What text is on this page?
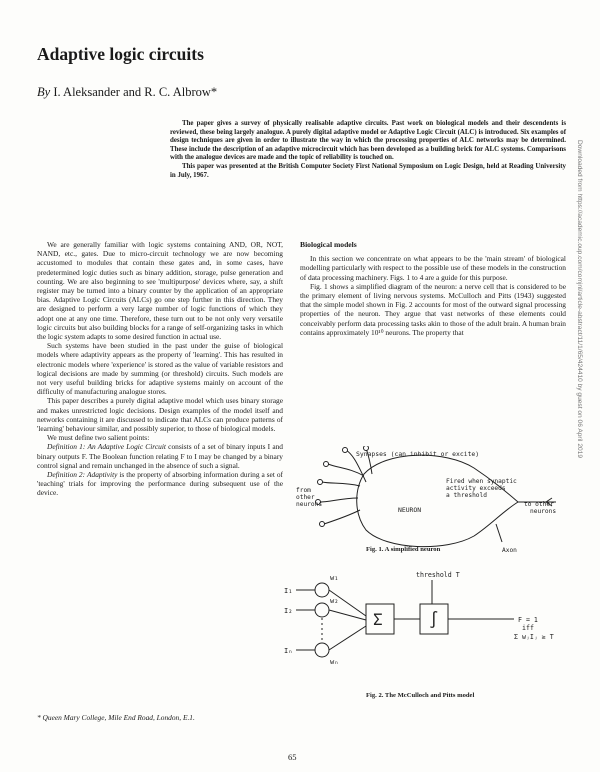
Adaptive logic circuits
By I. Aleksander and R. C. Albrow*

The paper gives a survey of physically realisable adaptive circuits. Past work on biological models and their descendents is reviewed, these being largely analogue. A purely digital adaptive model or Adaptive Logic Circuit (ALC) is introduced. Six examples of design techniques are given in order to illustrate the way in which the processing properties of ALC networks may be determined. These include the description of an adaptive microcircuit which has been developed as a building brick for ALC systems. Comparisons with the analogue devices are made and the topic of reliability is touched on.

This paper was presented at the British Computer Society First National Symposium on Logic Design, held at Reading University in July, 1967.

We are generally familiar with logic systems containing AND, OR, NOT, NAND, etc., gates. Due to micro-circuit technology we are now becoming accustomed to modules that contain these gates and, in some cases, have predetermined logic duties such as binary addition, storage, pulse generation and counting. We are also beginning to see 'multipurpose' devices where, say, a shift register may be turned into a binary counter by the application of an appropriate bias. Adaptive Logic Circuits (ALCs) go one step further in this direction. They are designed to perform a very large number of logic functions of which they adopt one at any one time. Therefore, these turn out to be not only very versatile logic circuits but also building blocks for a range of self-organizing tasks in which the logic system adapts to some desired function in actual use.

Such systems have been studied in the past under the guise of biological models where adaptivity appears as the property of 'learning'. This has resulted in electronic models where 'experience' is stored as the value of variable resistors and logical decisions are made by summing (or threshold) circuits. Such models are not very useful building bricks for adaptive systems mainly on account of the difficulty of manufacturing analogue stores.

This paper describes a purely digital adaptive model which uses binary storage and makes unrestricted logic decisions. Design examples of the model itself and networks containing it are discussed to indicate that ALCs can produce patterns of 'learning' behaviour similar, and possibly superior, to those of biological models.

We must define two salient points:

Definition 1: An Adaptive Logic Circuit consists of a set of binary inputs I and binary outputs F. The Boolean function relating F to I may be changed by a binary control signal and remain unchanged in the absence of such a signal.

Definition 2: Adaptivity is the property of absorbing information during a set of 'teaching' trials for improving the performance during subsequent use of the device.

* Queen Mary College, Mile End Road, London, E.1.

Biological models

In this section we concentrate on what appears to be the 'main stream' of biological modelling particularly with respect to the possible use of these models in the construction of data processing machinery. Figs. 1 to 4 are a guide for this purpose.

Fig. 1 shows a simplified diagram of the neuron: a nerve cell that is considered to be the primary element of living nervous systems. McCulloch and Pitts (1943) suggested that the simple model shown in Fig. 2 accounts for most of the outward signal processing properties of the neuron. They argue that vast networks of these elements could conceivably perform data processing tasks akin to those of the adult brain. A human brain contains approximately 10¹⁰ neurons. The property that

Synapses (can inhibit or excite)
Fired when synaptic
activity exceeds
a threshold
from
other
neurons
NEURON
to other
neurons
Axon
Fig. 1. A simplified neuron
threshold T
w₁
w₂
wₙ
I₁
I₂
Iₙ
Σ	∫	F = 1
iff
Σ wⱼIⱼ ≥ T
Fig. 2. The McCulloch and Pitts model
65
Downloaded from https://academic.oup.com/comjnl/article-abstract/11/1/65/424410 by guest on 06 April 2019
